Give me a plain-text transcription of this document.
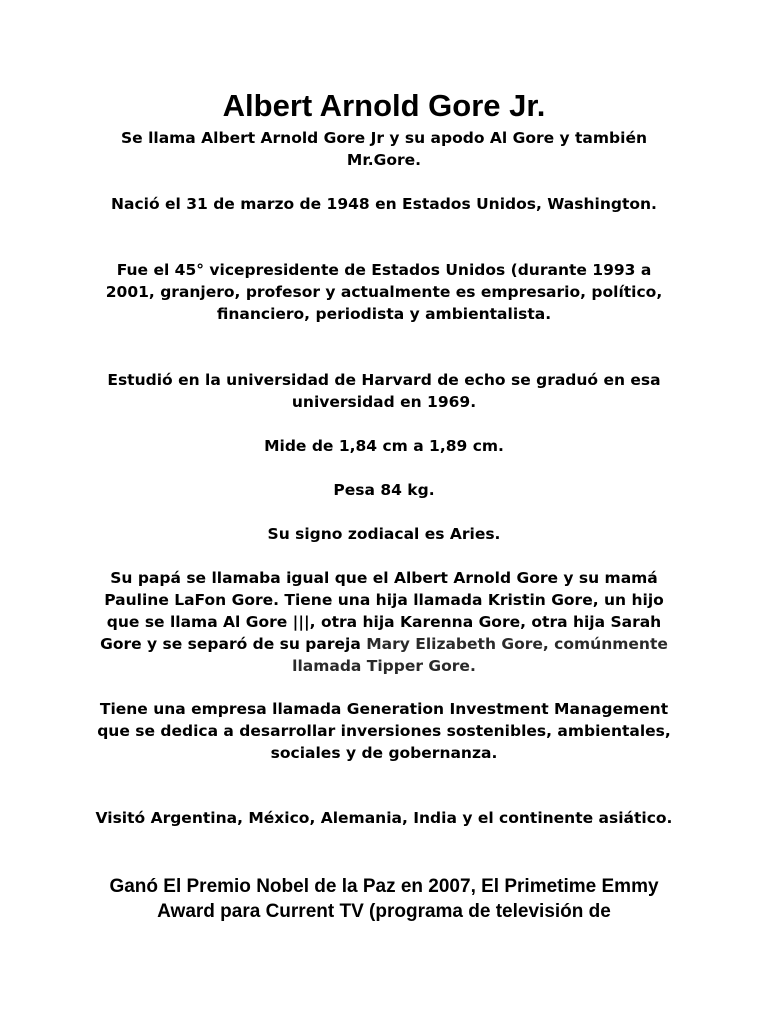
Albert Arnold Gore Jr.

Se llama Albert Arnold Gore Jr y su apodo Al Gore y también Mr.Gore.

Nació el 31 de marzo de 1948 en Estados Unidos, Washington.

Fue el 45° vicepresidente de Estados Unidos (durante 1993 a 2001, granjero, profesor y actualmente es empresario, político, financiero, periodista y ambientalista.

Estudió en la universidad de Harvard de echo se graduó en esa universidad en 1969.

Mide de 1,84 cm a 1,89 cm.

Pesa 84 kg.

Su signo zodiacal es Aries.

Su papá se llamaba igual que el Albert Arnold Gore y su mamá Pauline LaFon Gore. Tiene una hija llamada Kristin Gore, un hijo que se llama Al Gore |||, otra hija Karenna Gore, otra hija Sarah Gore y se separó de su pareja Mary Elizabeth Gore, comúnmente llamada Tipper Gore.

Tiene una empresa llamada Generation Investment Management que se dedica a desarrollar inversiones sostenibles, ambientales, sociales y de gobernanza.

Visitó Argentina, México, Alemania, India y el continente asiático.

Ganó El Premio Nobel de la Paz en 2007, El Primetime Emmy Award para Current TV (programa de televisión de
